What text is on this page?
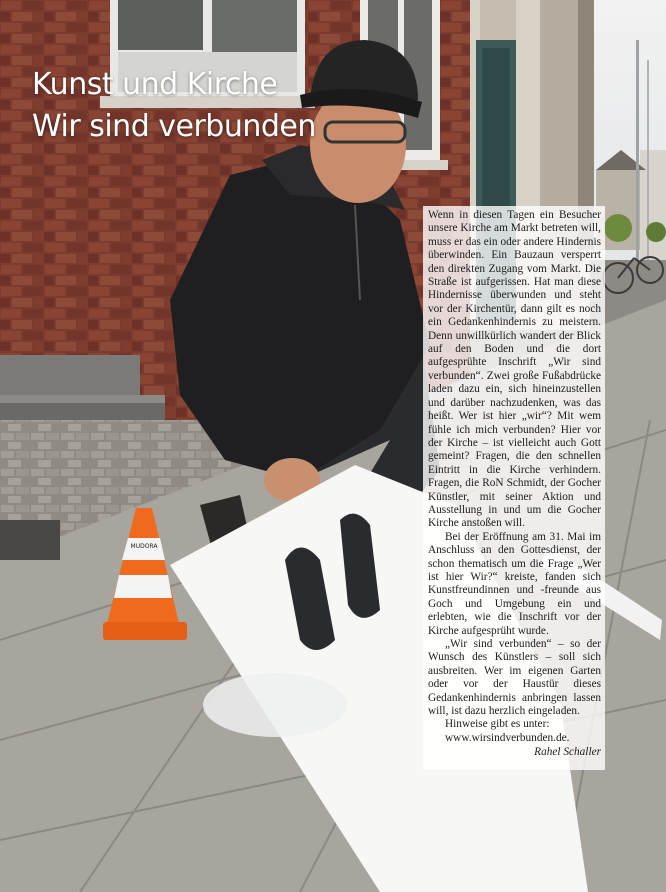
MUDORA
Kunst und Kirche
Wir sind verbunden

Wenn in diesen Tagen ein Besucher unsere Kirche am Markt betreten will, muss er das ein oder andere Hindernis überwinden. Ein Bauzaun versperrt den direkten Zugang vom Markt. Die Straße ist aufgerissen. Hat man diese Hindernisse überwunden und steht vor der Kirchentür, dann gilt es noch ein Gedankenhindernis zu meistern. Denn unwillkürlich wandert der Blick auf den Boden und die dort aufgesprühte Inschrift „Wir sind verbunden“. Zwei große Fußabdrücke laden dazu ein, sich hineinzustellen und darüber nachzudenken, was das heißt. Wer ist hier „wir“? Mit wem fühle ich mich verbunden? Hier vor der Kirche – ist vielleicht auch Gott gemeint? Fragen, die den schnellen Eintritt in die Kirche verhindern. Fragen, die RoN Schmidt, der Gocher Künstler, mit seiner Aktion und Ausstellung in und um die Gocher Kirche anstoßen will.

Bei der Eröffnung am 31. Mai im Anschluss an den Gottesdienst, der schon thematisch um die Frage „Wer ist hier Wir?“ kreiste, fanden sich Kunstfreundinnen und -freunde aus Goch und Umgebung ein und erlebten, wie die Inschrift vor der Kirche aufgesprüht wurde.

„Wir sind verbunden“ – so der Wunsch des Künstlers – soll sich ausbreiten. Wer im eigenen Garten oder vor der Haustür dieses Gedankenhindernis anbringen lassen will, ist dazu herzlich eingeladen.

Hinweise gibt es unter:
www.wirsindverbunden.de.

Rahel Schaller
